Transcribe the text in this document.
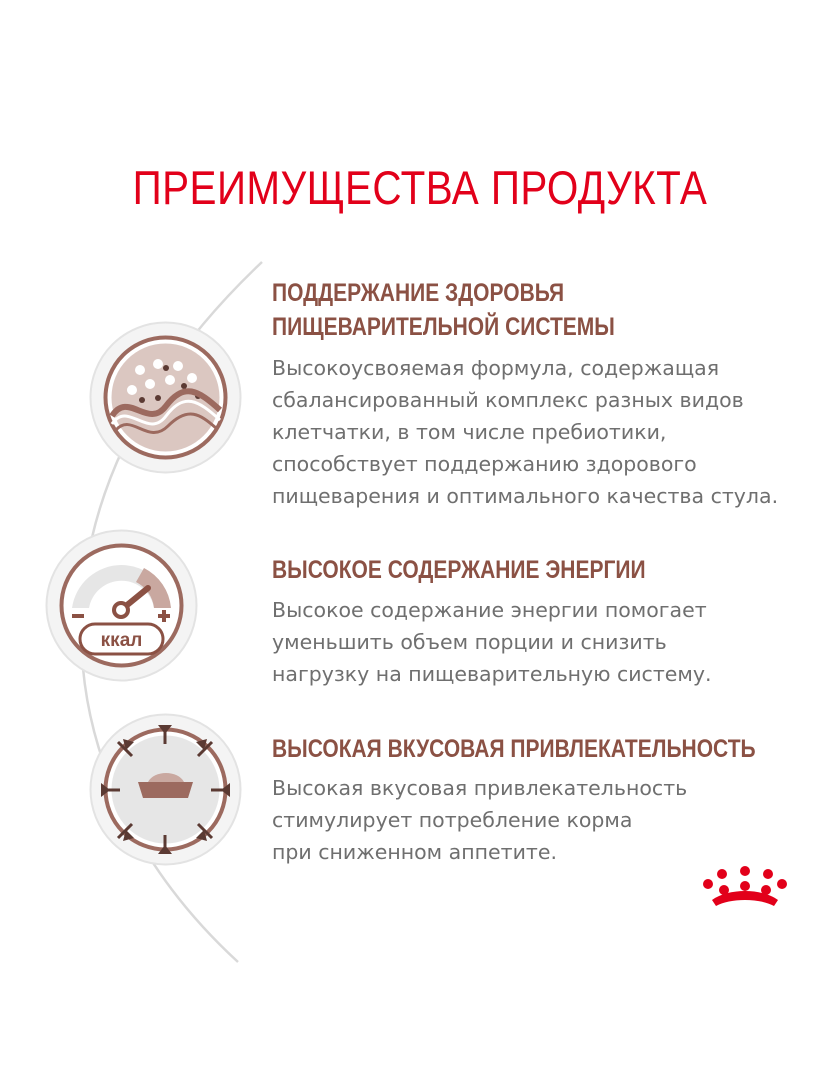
ПРЕИМУЩЕСТВА ПРОДУКТА
ккал
ПОДДЕРЖАНИЕ ЗДОРОВЬЯ
ПИЩЕВАРИТЕЛЬНОЙ СИСТЕМЫ
Высокоусвояемая формула, содержащая
сбалансированный комплекс разных видов
клетчатки, в том числе пребиотики,
способствует поддержанию здорового
пищеварения и оптимального качества стула.
ВЫСОКОЕ СОДЕРЖАНИЕ ЭНЕРГИИ
Высокое содержание энергии помогает
уменьшить объем порции и снизить
нагрузку на пищеварительную систему.
ВЫСОКАЯ ВКУСОВАЯ ПРИВЛЕКАТЕЛЬНОСТЬ
Высокая вкусовая привлекательность
стимулирует потребление корма
при сниженном аппетите.
